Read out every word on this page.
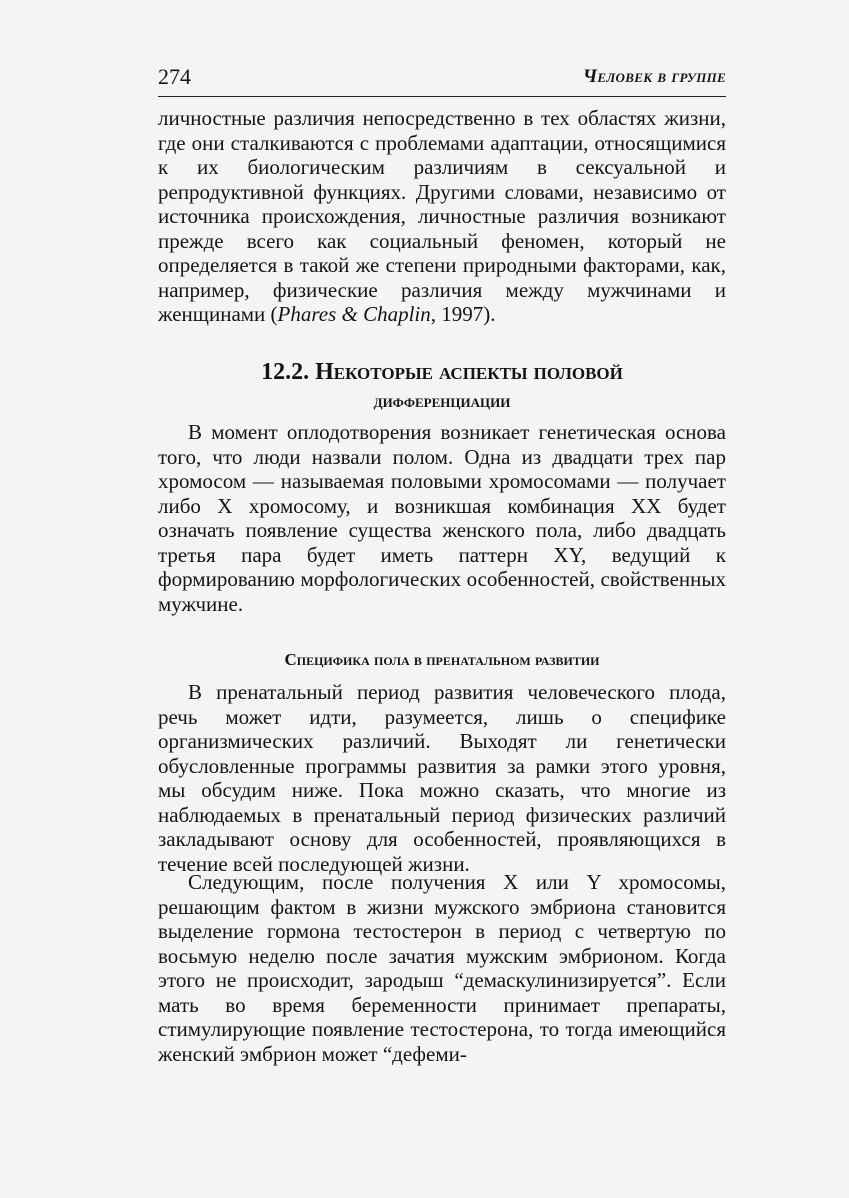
274	Человек в группе

личностные различия непосредственно в тех областях жизни, где они сталкиваются с проблемами адаптации, относящимися к их биологическим различиям в сексуальной и репродуктивной функциях. Другими словами, независимо от источника происхождения, личностные различия возникают прежде всего как социальный феномен, который не определяется в такой же степени природными факторами, как, например, физические различия между мужчинами и женщинами (Phares & Chaplin, 1997).

12.2. Некоторые аспекты половой
дифференциации

В момент оплодотворения возникает генетическая основа того, что люди назвали полом. Одна из двадцати трех пар хромосом — называемая половыми хромосомами — получает либо X хромосому, и возникшая комбинация XX будет означать появление существа женского пола, либо двадцать третья пара будет иметь паттерн XY, ведущий к формированию морфологических особенностей, свойственных мужчине.

Специфика пола в пренатальном развитии

В пренатальный период развития человеческого плода, речь может идти, разумеется, лишь о специфике организмических различий. Выходят ли генетически обусловленные программы развития за рамки этого уровня, мы обсудим ниже. Пока можно сказать, что многие из наблюдаемых в пренатальный период физических различий закладывают основу для особенностей, проявляющихся в течение всей последующей жизни.

Следующим, после получения X или Y хромосомы, решающим фактом в жизни мужского эмбриона становится выделение гормона тестостерон в период с четвертую по восьмую неделю после зачатия мужским эмбрионом. Когда этого не происходит, зародыш “демаскулинизируется”. Если мать во время беременности принимает препараты, стимулирующие появление тестостерона, то тогда имеющийся женский эмбрион может “дефеми-
